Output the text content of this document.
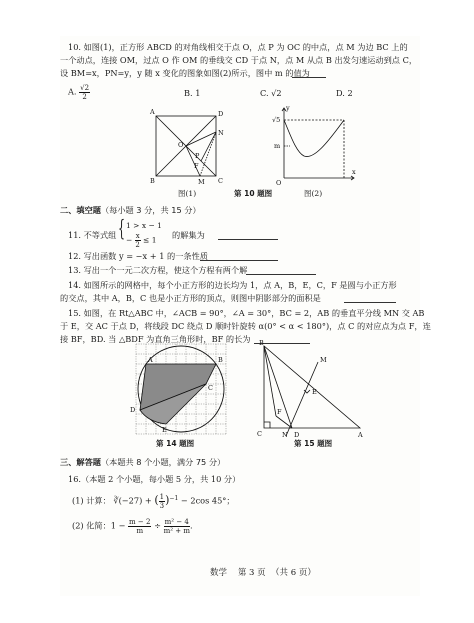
10. 如图(1)，正方形 ABCD 的对角线相交于点 O，点 P 为 OC 的中点，点 M 为边 BC 上的
一个动点，连接 OM，过点 O 作 OM 的垂线交 CD 于点 N，点 M 从点 B 出发匀速运动到点 C，
设 BM=x，PN=y，y 随 x 变化的图象如图(2)所示，图中 m 的值为
A. $\frac{√2}{2}$	B. 1	C. √2	D. 2
A	D
N
O
P
F
B	M C
图(1)
y
√5
m
O
x
图(2)
第 10 题图
二、填空题（每小题 3 分，共 15 分）
11. 不等式组 { 1 > x − 1
− $\frac{x}{2} \le 1$ 的解集为
12. 写出函数 y = −x + 1 的一条性质
13. 写出一个一元二次方程，使这个方程有两个解
14. 如图所示的网格中，每个小正方形的边长均为 1，点 A，B，E，C，F 是圆与小正方形
的交点，其中 A，B，C 也是小正方形的顶点，则图中阴影部分的面积是
15. 如图，在 Rt△ABC 中，∠ACB = 90°，∠A = 30°，BC = 2，AB 的垂直平分线 MN 交 AB
于 E，交 AC 于点 D，将线段 DC 绕点 D 顺时针旋转 α(0° < α < 180°)，点 C 的对应点为点 F，连
接 BF，BD. 当 △BDF 为直角三角形时，BF 的长为
A	B
C
D
E
第 14 题图
B
M
E
F
C	N D	A
第 15 题图
三、解答题（本题共 8 个小题，满分 75 分）
16.（本题 2 个小题，每小题 5 分，共 10 分）
(1) 计算： ∛(−27) + ( $\frac{1}{3} )^{-1} - 2\cos$ 45°；
(2) 化简：$1 - \frac{m - 2}{m} \div \frac{\text{m² − 4}}{\text{m² + m}}$ .
数学 第 3 页 （共 6 页）
